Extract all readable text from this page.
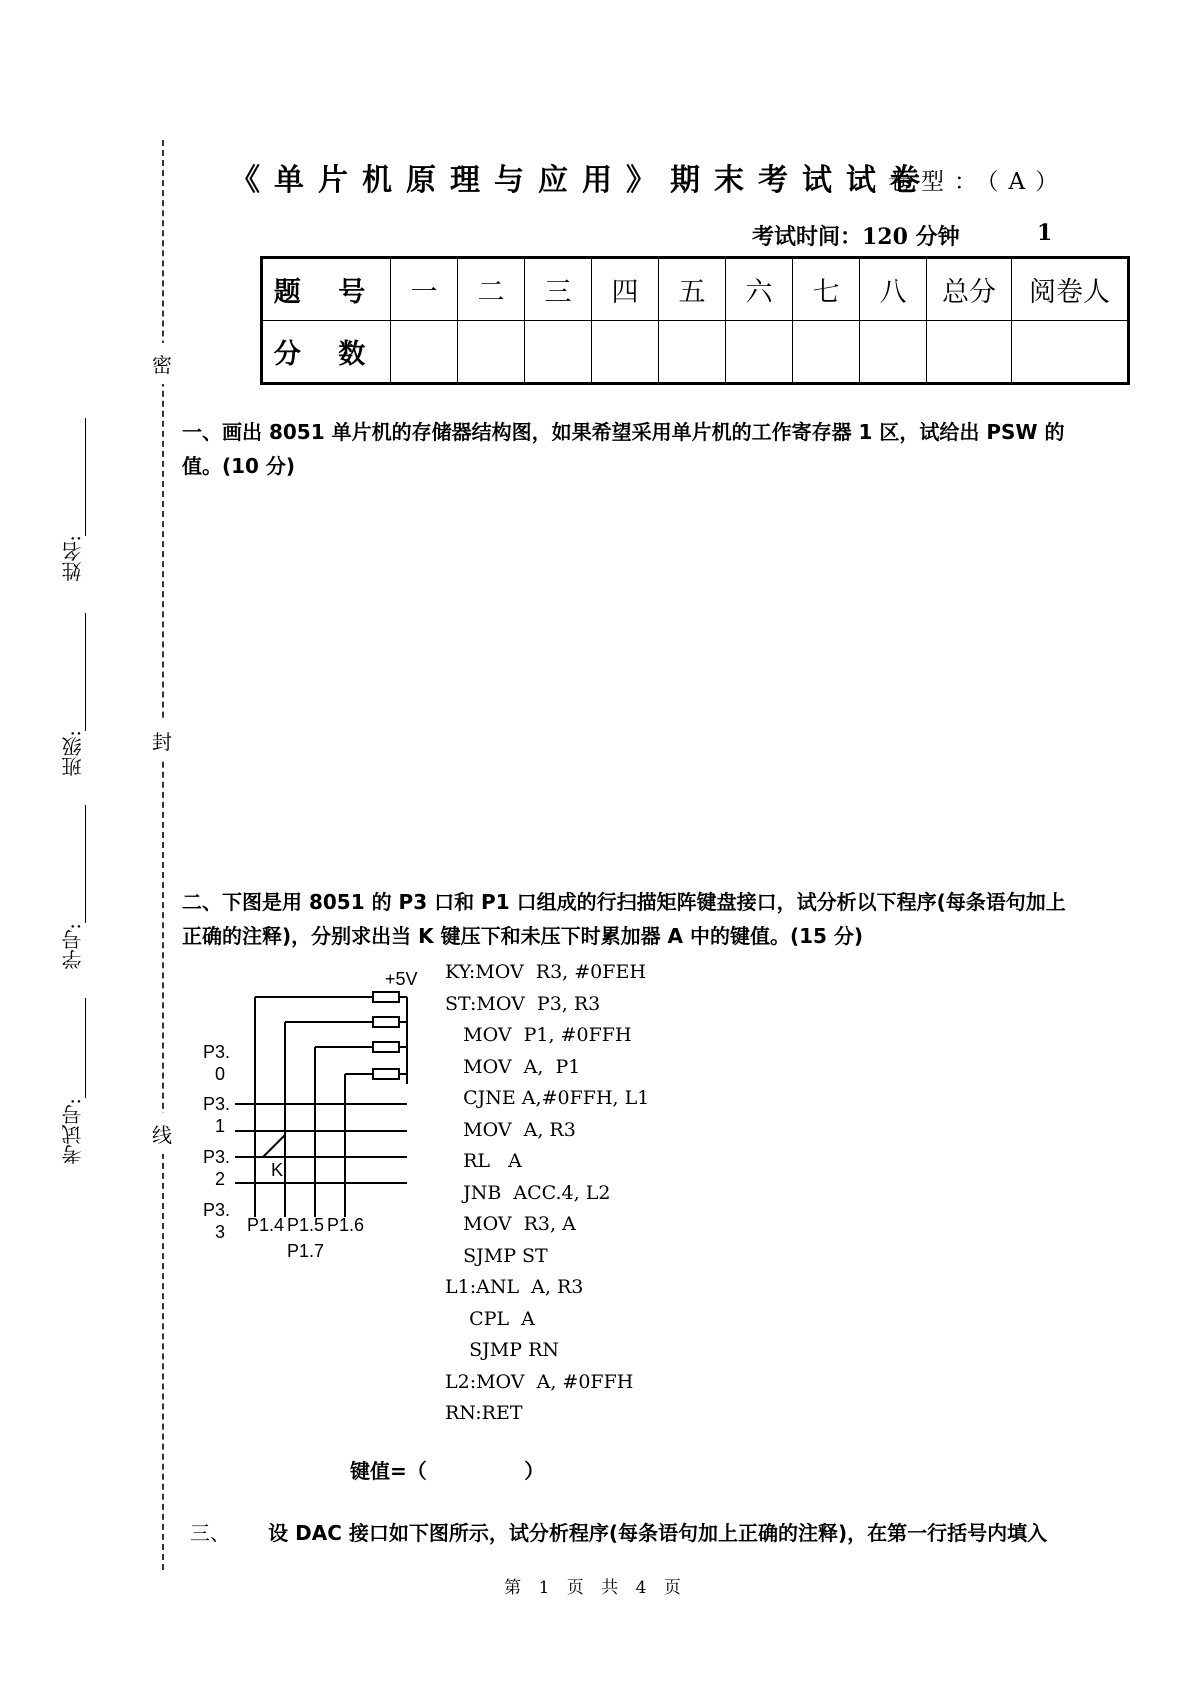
密
封
线
姓名:
班级:
学号:
考试号:
《单片机原理与应用》期末考试试卷
卷型：（A）
考试时间：120 分钟	1
题 号	一	二	三	四	五	六	七	八	总分	阅卷人
分 数										
一、画出 8051 单片机的存储器结构图，如果希望采用单片机的工作寄存器 1 区，试给出 PSW 的值。(10 分)
二、下图是用 8051 的 P3 口和 P1 口组成的行扫描矩阵键盘接口，试分析以下程序(每条语句加上正确的注释)，分别求出当 K 键压下和未压下时累加器 A 中的键值。(15 分)
+5V
K
P3.
0
P3.
1
P3.
2
P3.
3 P1.4 P1.5 P1.6
P1.7
KY:MOV  R3, #0FEH
ST:MOV  P3, R3
MOV  P1, #0FFH
MOV  A,  P1
CJNE A,#0FFH, L1
MOV  A, R3
RL   A
JNB  ACC.4, L2
MOV  R3, A
SJMP ST
L1:ANL  A, R3
CPL  A
SJMP RN
L2:MOV  A, #0FFH
RN:RET
键值=（              ）
三、 设 DAC 接口如下图所示，试分析程序(每条语句加上正确的注释)，在第一行括号内填入
第 1 页 共 4 页
